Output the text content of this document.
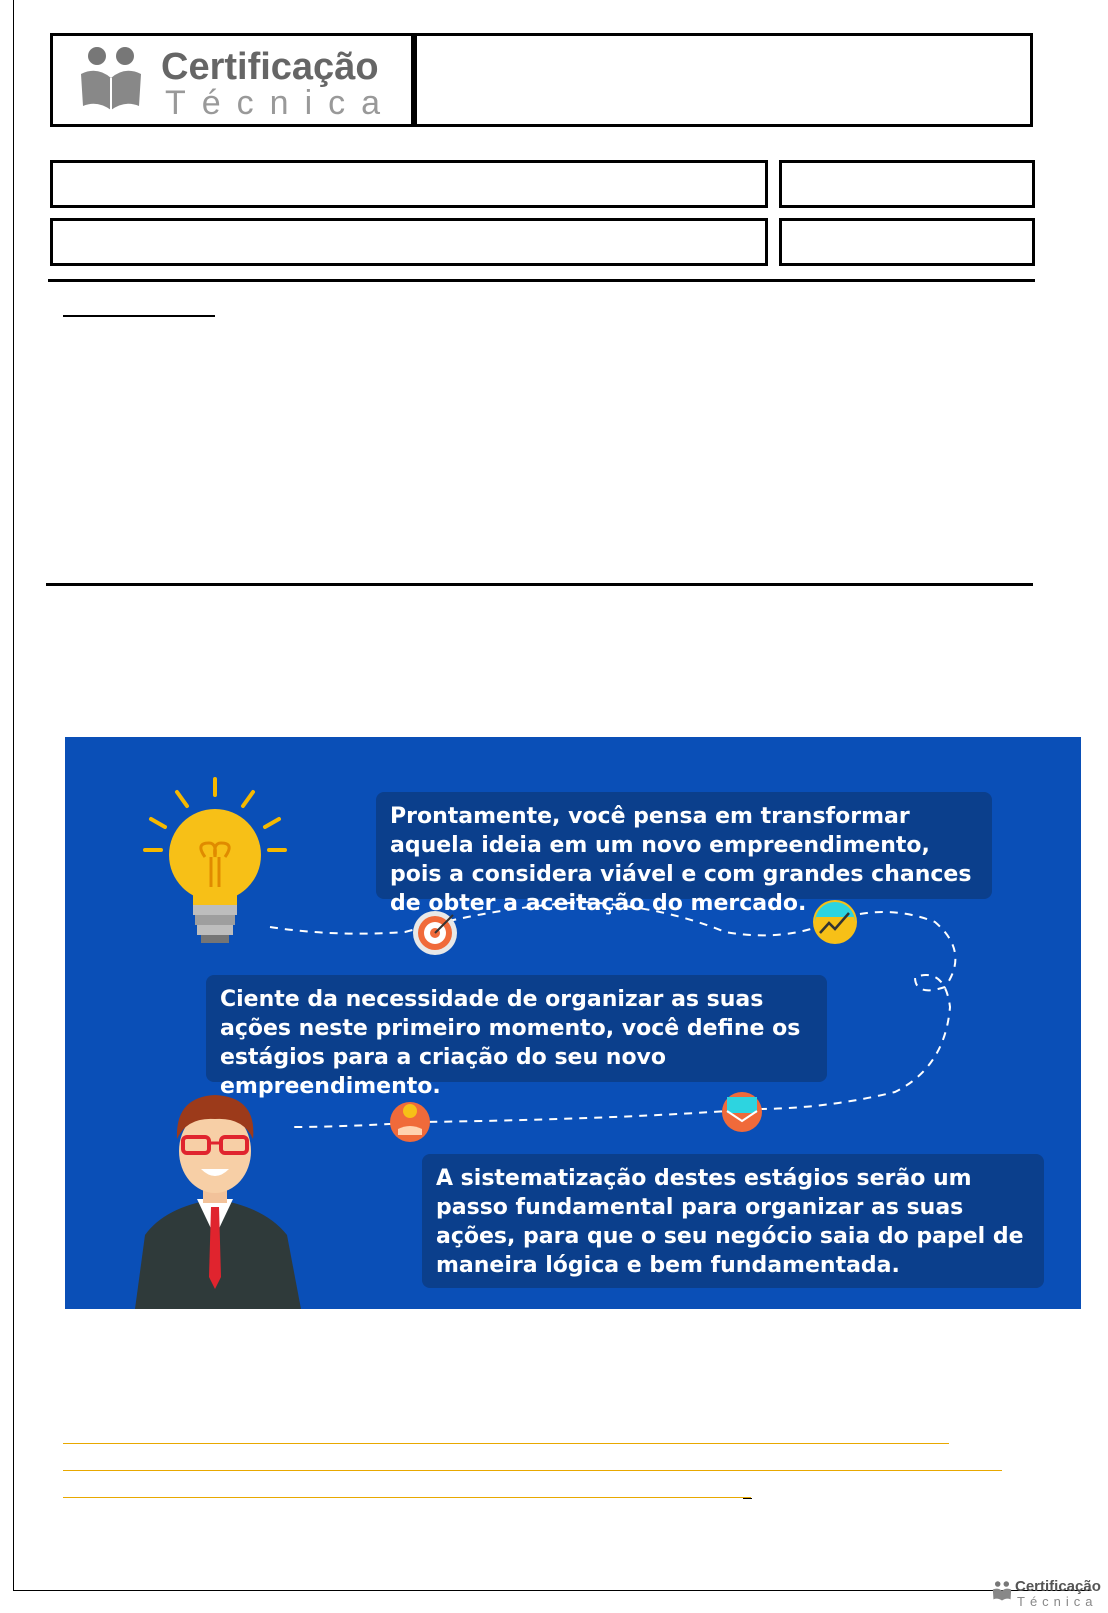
Certificação
Técnica
Prontamente, você pensa em transformar aquela ideia em um novo empreendimento, pois a considera viável e com grandes chances de obter a aceitação do mercado.
Ciente da necessidade de organizar as suas ações neste primeiro momento, você define os estágios para a criação do seu novo empreendimento.
A sistematização destes estágios serão um passo fundamental para organizar as suas ações, para que o seu negócio saia do papel de maneira lógica e bem fundamentada.
Certificação
Técnica
